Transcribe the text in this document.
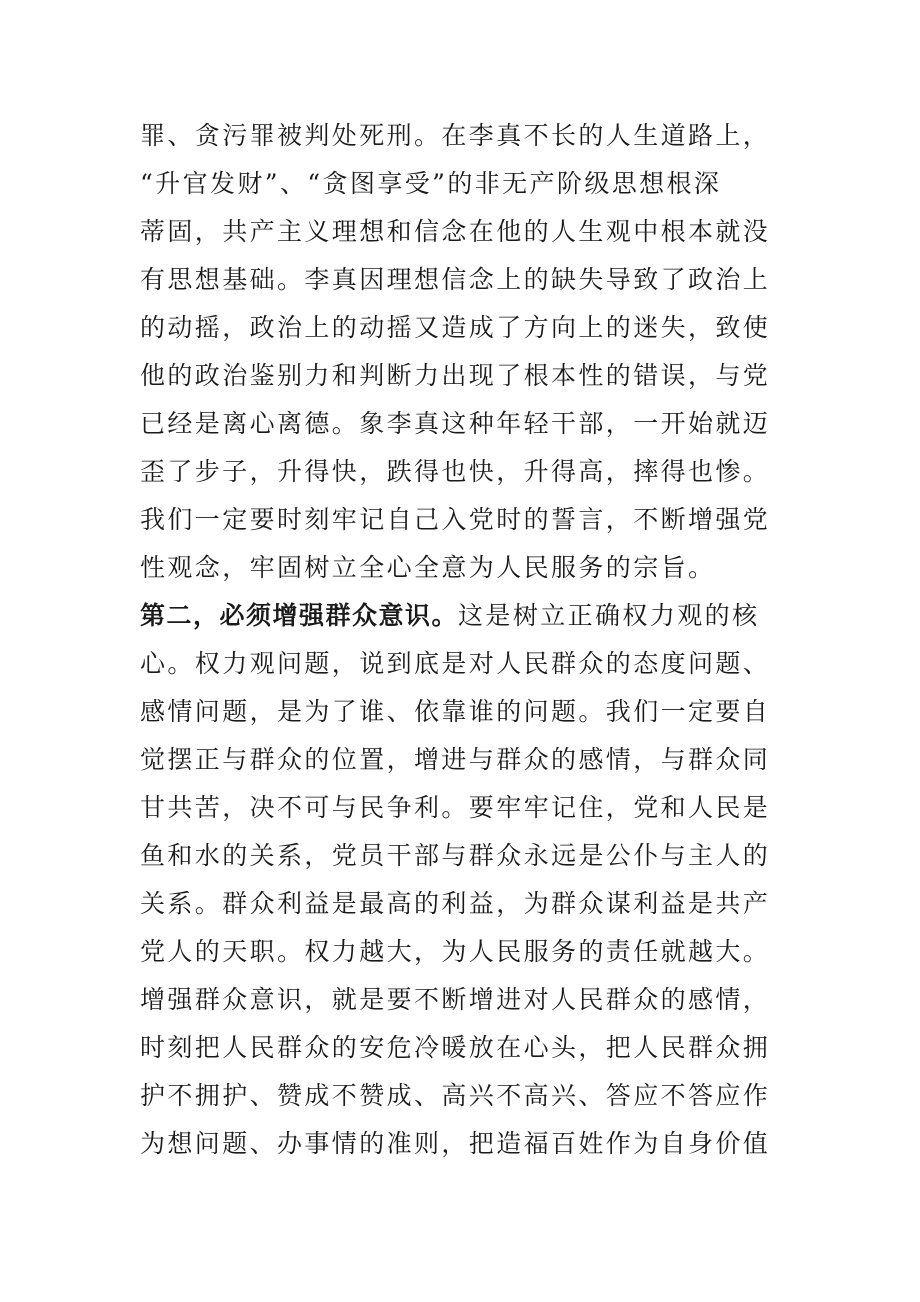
罪、贪污罪被判处死刑。在李真不长的人生道路上，
“升官发财”、“贪图享受”的非无产阶级思想根深
蒂固，共产主义理想和信念在他的人生观中根本就没
有思想基础。李真因理想信念上的缺失导致了政治上
的动摇，政治上的动摇又造成了方向上的迷失，致使
他的政治鉴别力和判断力出现了根本性的错误，与党
已经是离心离德。象李真这种年轻干部，一开始就迈
歪了步子，升得快，跌得也快，升得高，摔得也惨。
我们一定要时刻牢记自己入党时的誓言，不断增强党
性观念，牢固树立全心全意为人民服务的宗旨。
第二，必须增强群众意识。这是树立正确权力观的核
心。权力观问题，说到底是对人民群众的态度问题、
感情问题，是为了谁、依靠谁的问题。我们一定要自
觉摆正与群众的位置，增进与群众的感情，与群众同
甘共苦，决不可与民争利。要牢牢记住，党和人民是
鱼和水的关系，党员干部与群众永远是公仆与主人的
关系。群众利益是最高的利益，为群众谋利益是共产
党人的天职。权力越大，为人民服务的责任就越大。
增强群众意识，就是要不断增进对人民群众的感情，
时刻把人民群众的安危冷暖放在心头，把人民群众拥
护不拥护、赞成不赞成、高兴不高兴、答应不答应作
为想问题、办事情的准则，把造福百姓作为自身价值
